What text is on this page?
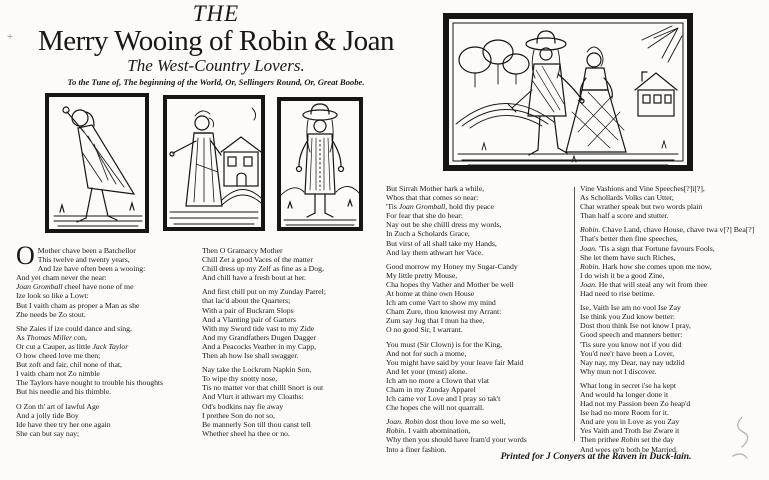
+
THE
Merry Wooing of Robin & Joan
The West-Country Lovers.
To the Tune of, The beginning of the World, Or, Sellingers Round, Or, Great Boobe.
O Mother chave been a Batchellor
This twelve and twenty years,
And Ize have often been a wooing:
And yet cham never the near:
Joan Gromball cheel have none of me
Ize look so like a Lowt:
But I vaith cham as proper a Man as she
Zhe needs be Zo stout.
She Zaies if ize could dance and sing,
As Thomas Miller con,
Or cut a Cauper, as little Jack Taylor
O how cheed love me then;
But zoft and fair, chil none of that,
I vaith cham not Zo nimble
The Taylors have nought to trouble his thoughts
But his needle and his thimble.
O Zon th' art of lawful Age
And a jolly tide Boy
Ide have thee try her one again
She can but say nay;
Then O Gramarcy Mother
Chill Zet a good Vaces of the matter
Chill dress up my Zelf as fine as a Dog,
And chill have a fresh bout at her.
And first chill put on my Zunday Parrel;
that lac'd about the Quarters;
With a pair of Buckram Slops
And a Vlanting pair of Garters
With my Sword tide vast to my Zide
And my Grandfathers Dugen Dagger
And a Peacocks Veather in my Capp,
Then ah how Ise shall swagger.
Nay take the Lockrum Napkin Son,
To wipe thy snotty nose,
Tis no matter vor that chilll Snort is out
And Vlurt it athwart my Cloaths:
Od's bodkins nay fie away
I prethee Son do not so,
Be mannerly Son till thou canst tell
Whether sheel ha thee or no.
But Sirrah Mother hark a while,
Whos that that comes so near:
'Tis Joan Gromball, hold thy peace
For fear that she do hear:
Nay out be she chilll dress my words,
In Zuch a Scholards Grace,
But virst of all shall take my Hands,
And lay them athwart her Vace.
Good morrow my Honey my Sugar-Candy
My little pretty Mouse,
Cha hopes thy Vather and Mother be well
At home at thine own House
Ich am come Vart to show my mind
Cham Zure, thou knowest my Arrant:
Zum say Jug that I mun ha thee,
O no good Sir, I warrant.
You must (Sir Clown) is for the King,
And not for such a mome,
You might have said by your leave fair Maid
And let your (must) alone.
Ich am no more a Clown that vlat
Cham in my Zunday Apparel
Ich came vor Love and I pray so tak't
Che hopes che will not quarrall.
Joan. Robin dost thou love me so well,
Robin. I vaith abomination,
Why then you should have fram'd your words
Into a finer fashion.
Vine Vashions and Vine Speeches[?]i[?],
As Schollards Volks can Utter,
Chat wrather speak but two words plain
Than half a score and stutter.
Robin. Chave Land, chave House, chave twa v[?] Bea[?]
That's better then fine speeches,
Joan. 'Tis a sign that Fortune favours Fools,
She let them have such Riches,
Robin. Hark how she comes upon me now,
I do wish it be a good Zine,
Joan. He that will steal any wit from thee
Had need to rise betime.
Ise, Vaith Ise am no vool Ise Zay
Ise think you Zud know better:
Dost thou think Ise not know I pray,
Good speech and manners better:
'Tis sure you know not if you did
You'd nee'r have been a Lover,
Nay nay, my Dear, nay nay udzlid
Why mun not I discover.
What long in secret i'se ha kept
And would ha longer done it
Had not my Passion been Zo heap'd
Ise had no more Room for it.
And are you in Love as you Zay
Yes Vaith and Troth Ise Zware it
Then prithee Robin set the day
And wees ee'n both be Married.
Printed for J Conyers at the Raven in Duck-lain.
